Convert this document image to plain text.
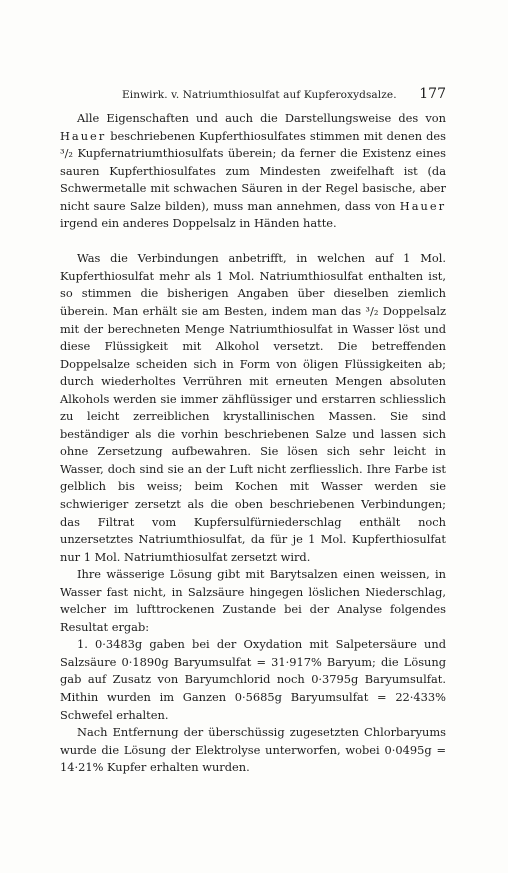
Einwirk. v. Natriumthiosulfat auf Kupferoxydsalze. 177

Alle Eigenschaften und auch die Darstellungsweise des von Hauer beschriebenen Kupferthiosulfates stimmen mit denen des ³/₂ Kupfernatriumthiosulfats überein; da ferner die Existenz eines sauren Kupferthiosulfates zum Mindesten zweifelhaft ist (da Schwermetalle mit schwachen Säuren in der Regel basische, aber nicht saure Salze bilden), muss man annehmen, dass von Hauer irgend ein anderes Doppelsalz in Händen hatte.

Was die Verbindungen anbetrifft, in welchen auf 1 Mol. Kupferthiosulfat mehr als 1 Mol. Natriumthiosulfat enthalten ist, so stimmen die bisherigen Angaben über dieselben ziemlich überein. Man erhält sie am Besten, indem man das ³/₂ Doppelsalz mit der berechneten Menge Natriumthiosulfat in Wasser löst und diese Flüssigkeit mit Alkohol versetzt. Die betreffenden Doppelsalze scheiden sich in Form von öligen Flüssigkeiten ab; durch wiederholtes Verrühren mit erneuten Mengen absoluten Alkohols werden sie immer zähflüssiger und erstarren schliesslich zu leicht zerreiblichen krystallinischen Massen. Sie sind beständiger als die vorhin beschriebenen Salze und lassen sich ohne Zersetzung aufbewahren. Sie lösen sich sehr leicht in Wasser, doch sind sie an der Luft nicht zerfliesslich. Ihre Farbe ist gelblich bis weiss; beim Kochen mit Wasser werden sie schwieriger zersetzt als die oben beschriebenen Verbindungen; das Filtrat vom Kupfersulfürniederschlag enthält noch unzersetztes Natriumthiosulfat, da für je 1 Mol. Kupferthiosulfat nur 1 Mol. Natriumthiosulfat zersetzt wird.

Ihre wässerige Lösung gibt mit Barytsalzen einen weissen, in Wasser fast nicht, in Salzsäure hingegen löslichen Niederschlag, welcher im lufttrockenen Zustande bei der Analyse folgendes Resultat ergab:

1. 0·3483g gaben bei der Oxydation mit Salpetersäure und Salzsäure 0·1890g Baryumsulfat = 31·917% Baryum; die Lösung gab auf Zusatz von Baryumchlorid noch 0·3795g Baryumsulfat. Mithin wurden im Ganzen 0·5685g Baryumsulfat = 22·433% Schwefel erhalten.

Nach Entfernung der überschüssig zugesetzten Chlorbaryums wurde die Lösung der Elektrolyse unterworfen, wobei 0·0495g = 14·21% Kupfer erhalten wurden.
